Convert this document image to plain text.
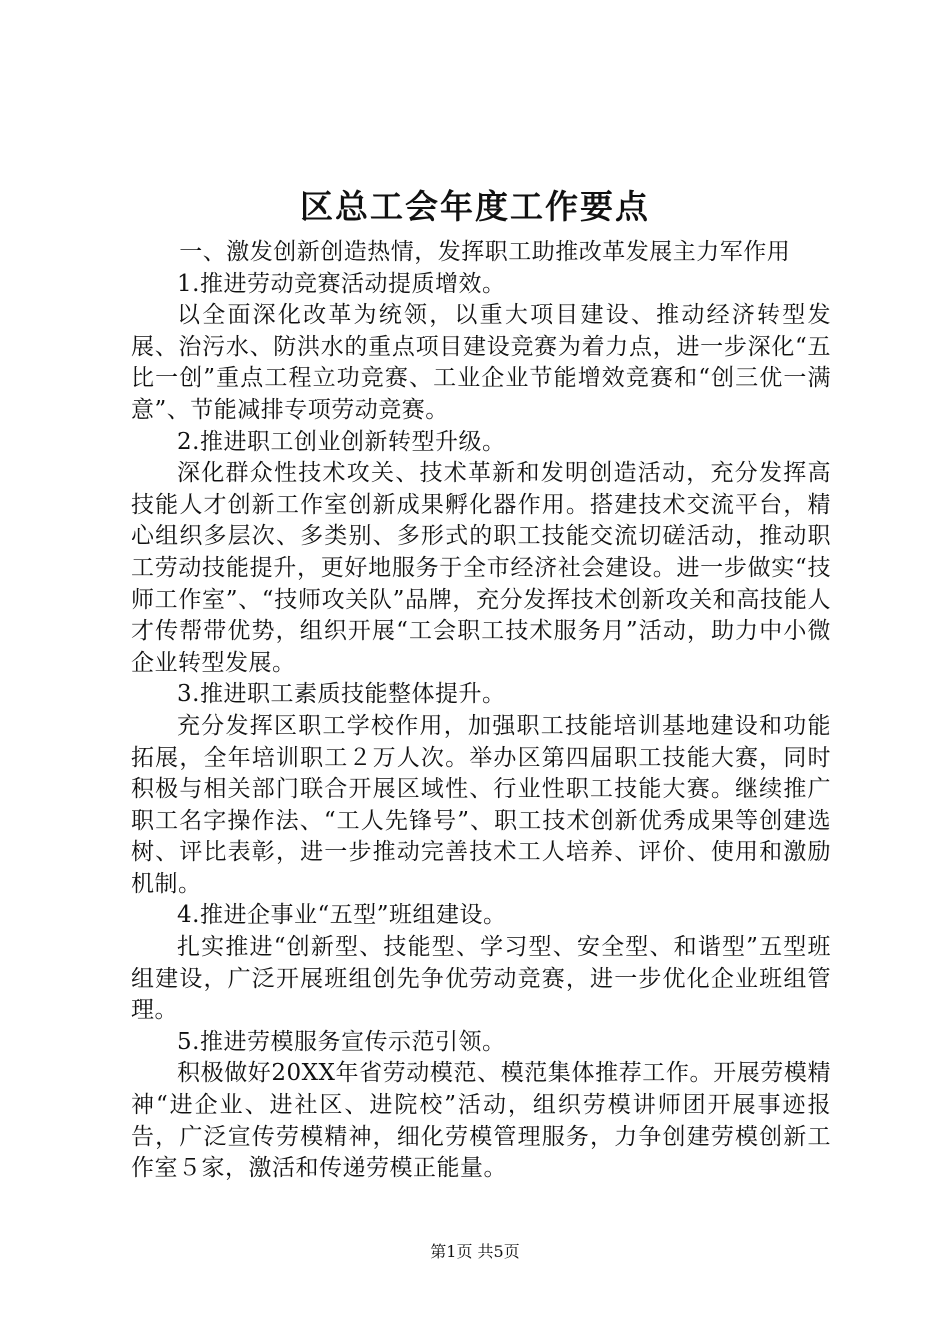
区总工会年度工作要点

一、激发创新创造热情，发挥职工助推改革发展主力军作用

1.推进劳动竞赛活动提质增效。

以全面深化改革为统领，以重大项目建设、推动经济转型发展、治污水、防洪水的重点项目建设竞赛为着力点，进一步深化“五比一创”重点工程立功竞赛、工业企业节能增效竞赛和“创三优一满意”、节能减排专项劳动竞赛。

2.推进职工创业创新转型升级。

深化群众性技术攻关、技术革新和发明创造活动，充分发挥高技能人才创新工作室创新成果孵化器作用。搭建技术交流平台，精心组织多层次、多类别、多形式的职工技能交流切磋活动，推动职工劳动技能提升，更好地服务于全市经济社会建设。进一步做实“技师工作室”、“技师攻关队”品牌，充分发挥技术创新攻关和高技能人才传帮带优势，组织开展“工会职工技术服务月”活动，助力中小微企业转型发展。

3.推进职工素质技能整体提升。

充分发挥区职工学校作用，加强职工技能培训基地建设和功能拓展，全年培训职工２万人次。举办区第四届职工技能大赛，同时积极与相关部门联合开展区域性、行业性职工技能大赛。继续推广职工名字操作法、“工人先锋号”、职工技术创新优秀成果等创建选树、评比表彰，进一步推动完善技术工人培养、评价、使用和激励机制。

4.推进企事业“五型”班组建设。

扎实推进“创新型、技能型、学习型、安全型、和谐型”五型班组建设，广泛开展班组创先争优劳动竞赛，进一步优化企业班组管理。

5.推进劳模服务宣传示范引领。

积极做好20XX年省劳动模范、模范集体推荐工作。开展劳模精神“进企业、进社区、进院校”活动，组织劳模讲师团开展事迹报告，广泛宣传劳模精神，细化劳模管理服务，力争创建劳模创新工作室５家，激活和传递劳模正能量。

第1页 共5页
